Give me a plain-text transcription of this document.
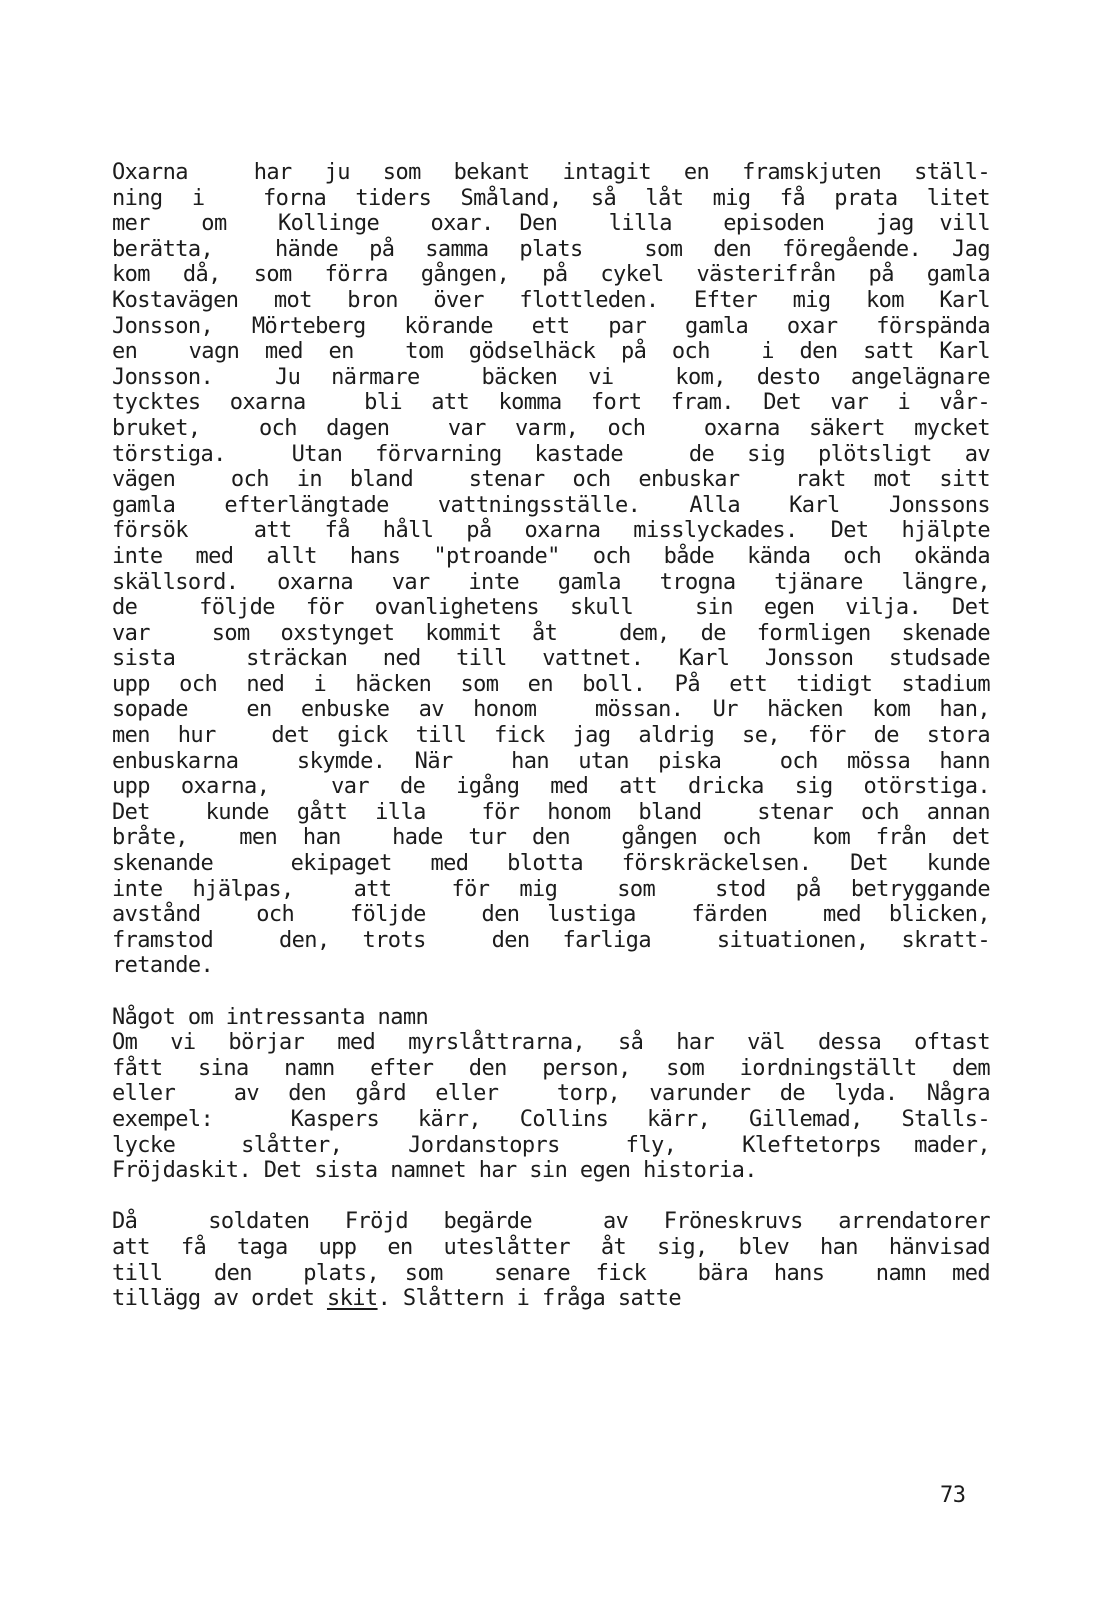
Oxarna  har ju som bekant intagit en framskjuten ställ-
ning i  forna tiders Småland, så låt mig få prata litet
mer  om  Kollinge  oxar. Den  lilla  episoden  jag vill
berätta,  hände på samma plats  som den föregående. Jag
kom då, som förra gången, på cykel västerifrån på gamla
Kostavägen mot bron över flottleden. Efter mig kom Karl
Jonsson, Mörteberg körande ett par gamla oxar förspända
en  vagn med en  tom gödselhäck på och  i den satt Karl
Jonsson.  Ju närmare  bäcken vi  kom, desto angelägnare
tycktes oxarna  bli att komma fort fram. Det var i vår-
bruket,  och dagen  var varm, och  oxarna säkert mycket
törstiga.  Utan förvarning kastade  de sig plötsligt av
vägen  och in bland  stenar och enbuskar  rakt mot sitt
gamla efterlängtade vattningsställe. Alla Karl Jonssons
försök  att få håll på oxarna misslyckades. Det hjälpte
inte med allt hans "ptroande" och både kända och okända
skällsord. oxarna var inte gamla trogna tjänare längre,
de  följde för ovanlighetens skull  sin egen vilja. Det
var  som oxstynget kommit åt  dem, de formligen skenade
sista  sträckan ned till vattnet. Karl Jonsson studsade
upp och ned i häcken som en boll. På ett tidigt stadium
sopade  en enbuske av honom  mössan. Ur häcken kom han,
men hur  det gick till fick jag aldrig se, för de stora
enbuskarna  skymde. När  han utan piska  och mössa hann
upp oxarna,  var de igång med att dricka sig otörstiga.
Det  kunde gått illa  för honom bland  stenar och annan
bråte,  men han  hade tur den  gången och  kom från det
skenande  ekipaget med blotta förskräckelsen. Det kunde
inte hjälpas,  att  för mig  som  stod på betryggande
avstånd  och  följde  den lustiga  färden  med blicken,
framstod  den, trots  den farliga  situationen, skratt-
retande.
Något om intressanta namn
Om vi börjar med myrslåttrarna, så har väl dessa oftast
fått sina namn efter den person, som iordningställt dem
eller  av den gård eller  torp, varunder de lyda. Några
exempel:  Kaspers kärr, Collins kärr, Gillemad, Stalls-
lycke  slåtter,  Jordanstoprs  fly,  Kleftetorps mader,
Fröjdaskit. Det sista namnet har sin egen historia.
Då  soldaten Fröjd begärde  av Fröneskruvs arrendatorer
att få taga upp en uteslåtter åt sig, blev han hänvisad
till  den  plats, som  senare fick  bära hans  namn med
tillägg av ordet skit. Slåttern i fråga satte
73
